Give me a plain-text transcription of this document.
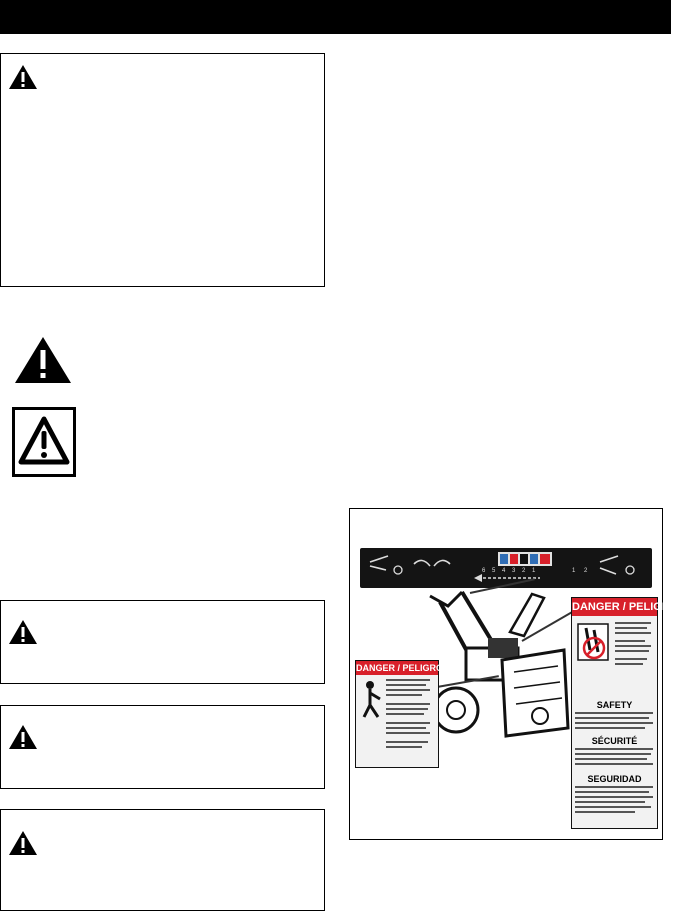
6 5 4 3 2 1	1 2
DANGER / PELIGRO
DANGER / PELIGRO
SAFETY
SÉCURITÉ
SEGURIDAD
